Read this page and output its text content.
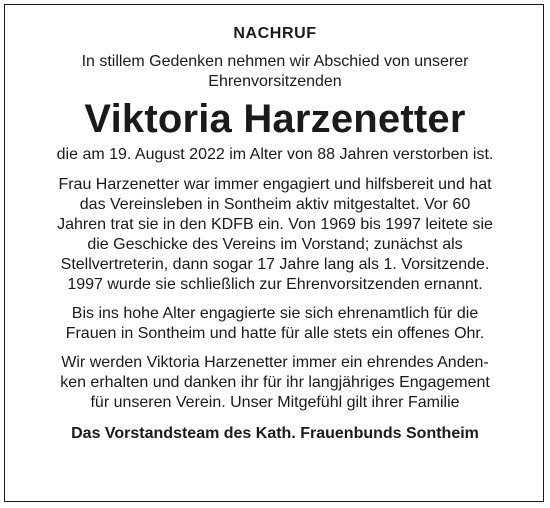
NACHRUF
In stillem Gedenken nehmen wir Abschied von unserer
Ehrenvorsitzenden
Viktoria Harzenetter
die am 19. August 2022 im Alter von 88 Jahren verstorben ist.
Frau Harzenetter war immer engagiert und hilfsbereit und hat
das Vereinsleben in Sontheim aktiv mitgestaltet. Vor 60
Jahren trat sie in den KDFB ein. Von 1969 bis 1997 leitete sie
die Geschicke des Vereins im Vorstand; zunächst als
Stellvertreterin, dann sogar 17 Jahre lang als 1. Vorsitzende.
1997 wurde sie schließlich zur Ehrenvorsitzenden ernannt.
Bis ins hohe Alter engagierte sie sich ehrenamtlich für die
Frauen in Sontheim und hatte für alle stets ein offenes Ohr.
Wir werden Viktoria Harzenetter immer ein ehrendes Anden-
ken erhalten und danken ihr für ihr langjähriges Engagement
für unseren Verein. Unser Mitgefühl gilt ihrer Familie
Das Vorstandsteam des Kath. Frauenbunds Sontheim
